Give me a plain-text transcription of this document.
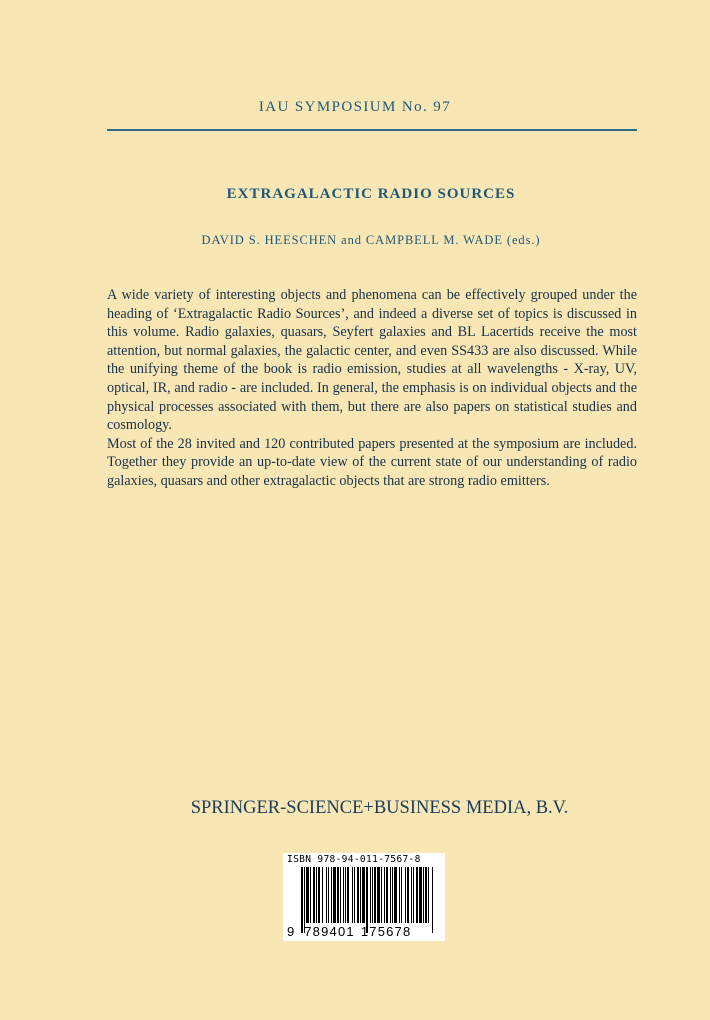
IAU SYMPOSIUM No. 97
EXTRAGALACTIC RADIO SOURCES
DAVID S. HEESCHEN and CAMPBELL M. WADE (eds.)

A wide variety of interesting objects and phenomena can be effectively grouped under the heading of ‘Extragalactic Radio Sources’, and indeed a diverse set of topics is discussed in this volume. Radio galaxies, quasars, Seyfert galaxies and BL Lacertids receive the most attention, but normal galaxies, the galactic center, and even SS433 are also discussed. While the unifying theme of the book is radio emission, studies at all wavelengths - X-ray, UV, optical, IR, and radio - are included. In general, the emphasis is on individual objects and the physical processes associated with them, but there are also papers on statistical studies and cosmology.

Most of the 28 invited and 120 contributed papers presented at the symposium are included. Together they provide an up-to-date view of the current state of our understanding of radio galaxies, quasars and other extragalactic objects that are strong radio emitters.

SPRINGER-SCIENCE+BUSINESS MEDIA, B.V.
ISBN 978-94-011-7567-8
9 789401 175678
